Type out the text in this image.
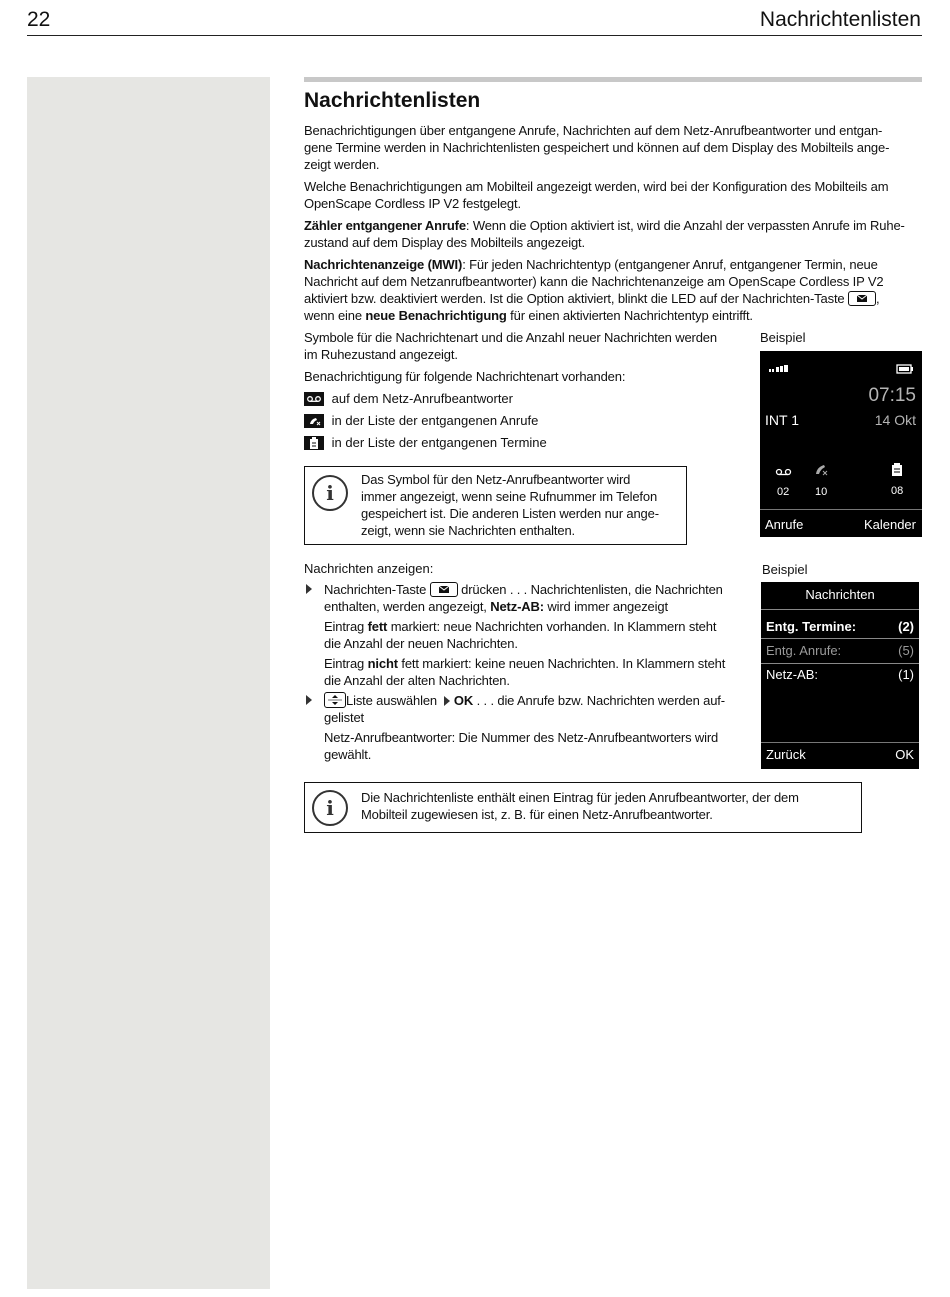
22	Nachrichtenlisten
Nachrichtenlisten
Benachrichtigungen über entgangene Anrufe, Nachrichten auf dem Netz-Anrufbeantworter und entgan-
gene Termine werden in Nachrichtenlisten gespeichert und können auf dem Display des Mobilteils ange-
zeigt werden.
Welche Benachrichtigungen am Mobilteil angezeigt werden, wird bei der Konfiguration des Mobilteils am
OpenScape Cordless IP V2 festgelegt.
Zähler entgangener Anrufe: Wenn die Option aktiviert ist, wird die Anzahl der verpassten Anrufe im Ruhe-
zustand auf dem Display des Mobilteils angezeigt.
Nachrichtenanzeige (MWI): Für jeden Nachrichtentyp (entgangener Anruf, entgangener Termin, neue
Nachricht auf dem Netzanrufbeantworter) kann die Nachrichtenanzeige am OpenScape Cordless IP V2
aktiviert bzw. deaktiviert werden. Ist die Option aktiviert, blinkt die LED auf der Nachrichten-Taste ,
wenn eine neue Benachrichtigung für einen aktivierten Nachrichtentyp eintrifft.
Symbole für die Nachrichtenart und die Anzahl neuer Nachrichten werden
im Ruhezustand angezeigt.
Benachrichtigung für folgende Nachrichtenart vorhanden:
auf dem Netz-Anrufbeantworter
in der Liste der entgangenen Anrufe
in der Liste der entgangenen Termine
i
Das Symbol für den Netz-Anrufbeantworter wird
immer angezeigt, wenn seine Rufnummer im Telefon
gespeichert ist. Die anderen Listen werden nur ange-
zeigt, wenn sie Nachrichten enthalten.
Beispiel
07:15
INT 1	14 Okt
02 10	08
Anrufe	Kalender
Nachrichten anzeigen:
Nachrichten-Taste	drücken . . . Nachrichtenlisten, die Nachrichten
enthalten, werden angezeigt, Netz-AB: wird immer angezeigt
Eintrag fett markiert: neue Nachrichten vorhanden. In Klammern steht
die Anzahl der neuen Nachrichten.
Eintrag nicht fett markiert: keine neuen Nachrichten. In Klammern steht
die Anzahl der alten Nachrichten.
Liste auswählen OK . . . die Anrufe bzw. Nachrichten werden auf-
gelistet
Netz-Anrufbeantworter: Die Nummer des Netz-Anrufbeantworters wird
gewählt.
Beispiel
Nachrichten
Entg. Termine:	(2)
Entg. Anrufe:	(5)
Netz-AB:	(1)
Zurück	OK
i	Die Nachrichtenliste enthält einen Eintrag für jeden Anrufbeantworter, der dem
Mobilteil zugewiesen ist, z. B. für einen Netz-Anrufbeantworter.
